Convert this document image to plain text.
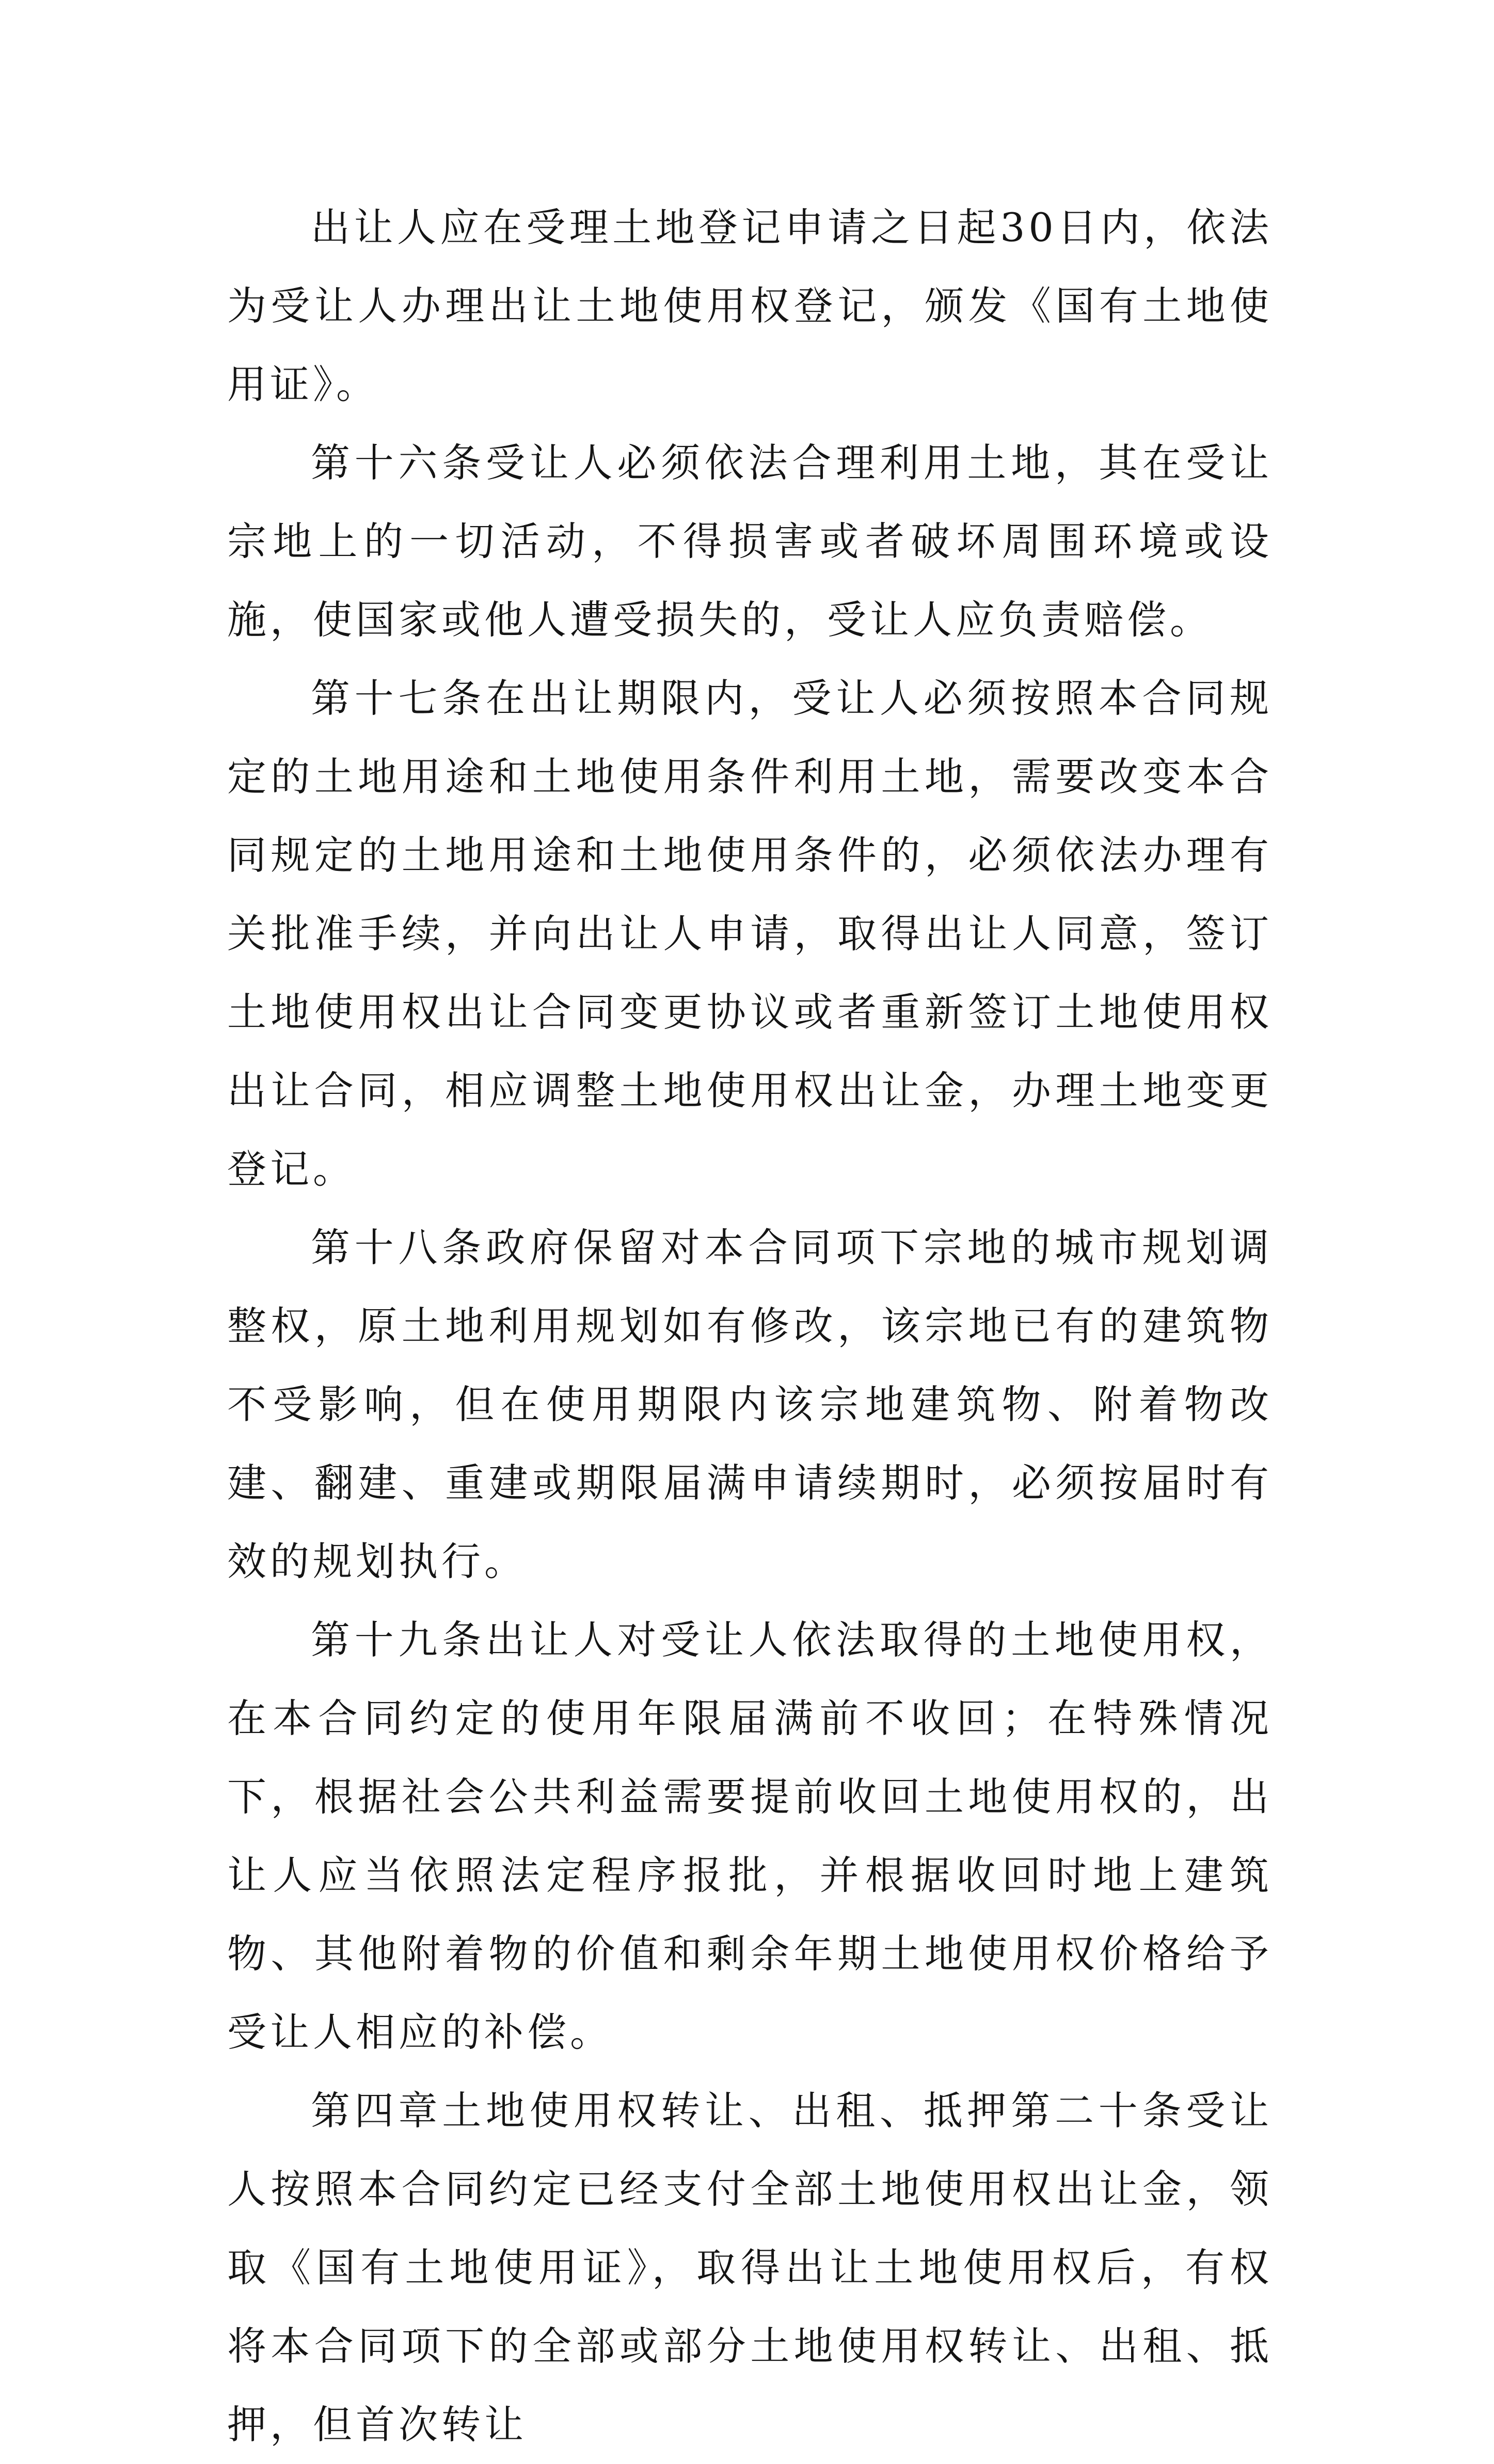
出让人应在受理土地登记申请之日起30日内，依法为受让人办理出让土地使用权登记，颁发《国有土地使用证》。

第十六条受让人必须依法合理利用土地，其在受让宗地上的一切活动，不得损害或者破坏周围环境或设施，使国家或他人遭受损失的，受让人应负责赔偿。

第十七条在出让期限内，受让人必须按照本合同规定的土地用途和土地使用条件利用土地，需要改变本合同规定的土地用途和土地使用条件的，必须依法办理有关批准手续，并向出让人申请，取得出让人同意，签订土地使用权出让合同变更协议或者重新签订土地使用权出让合同，相应调整土地使用权出让金，办理土地变更登记。

第十八条政府保留对本合同项下宗地的城市规划调整权，原土地利用规划如有修改，该宗地已有的建筑物不受影响，但在使用期限内该宗地建筑物、附着物改建、翻建、重建或期限届满申请续期时，必须按届时有效的规划执行。

第十九条出让人对受让人依法取得的土地使用权，在本合同约定的使用年限届满前不收回；在特殊情况下，根据社会公共利益需要提前收回土地使用权的，出让人应当依照法定程序报批，并根据收回时地上建筑物、其他附着物的价值和剩余年期土地使用权价格给予受让人相应的补偿。

第四章土地使用权转让、出租、抵押第二十条受让人按照本合同约定已经支付全部土地使用权出让金，领取《国有土地使用证》，取得出让土地使用权后，有权将本合同项下的全部或部分土地使用权转让、出租、抵押，但首次转让
